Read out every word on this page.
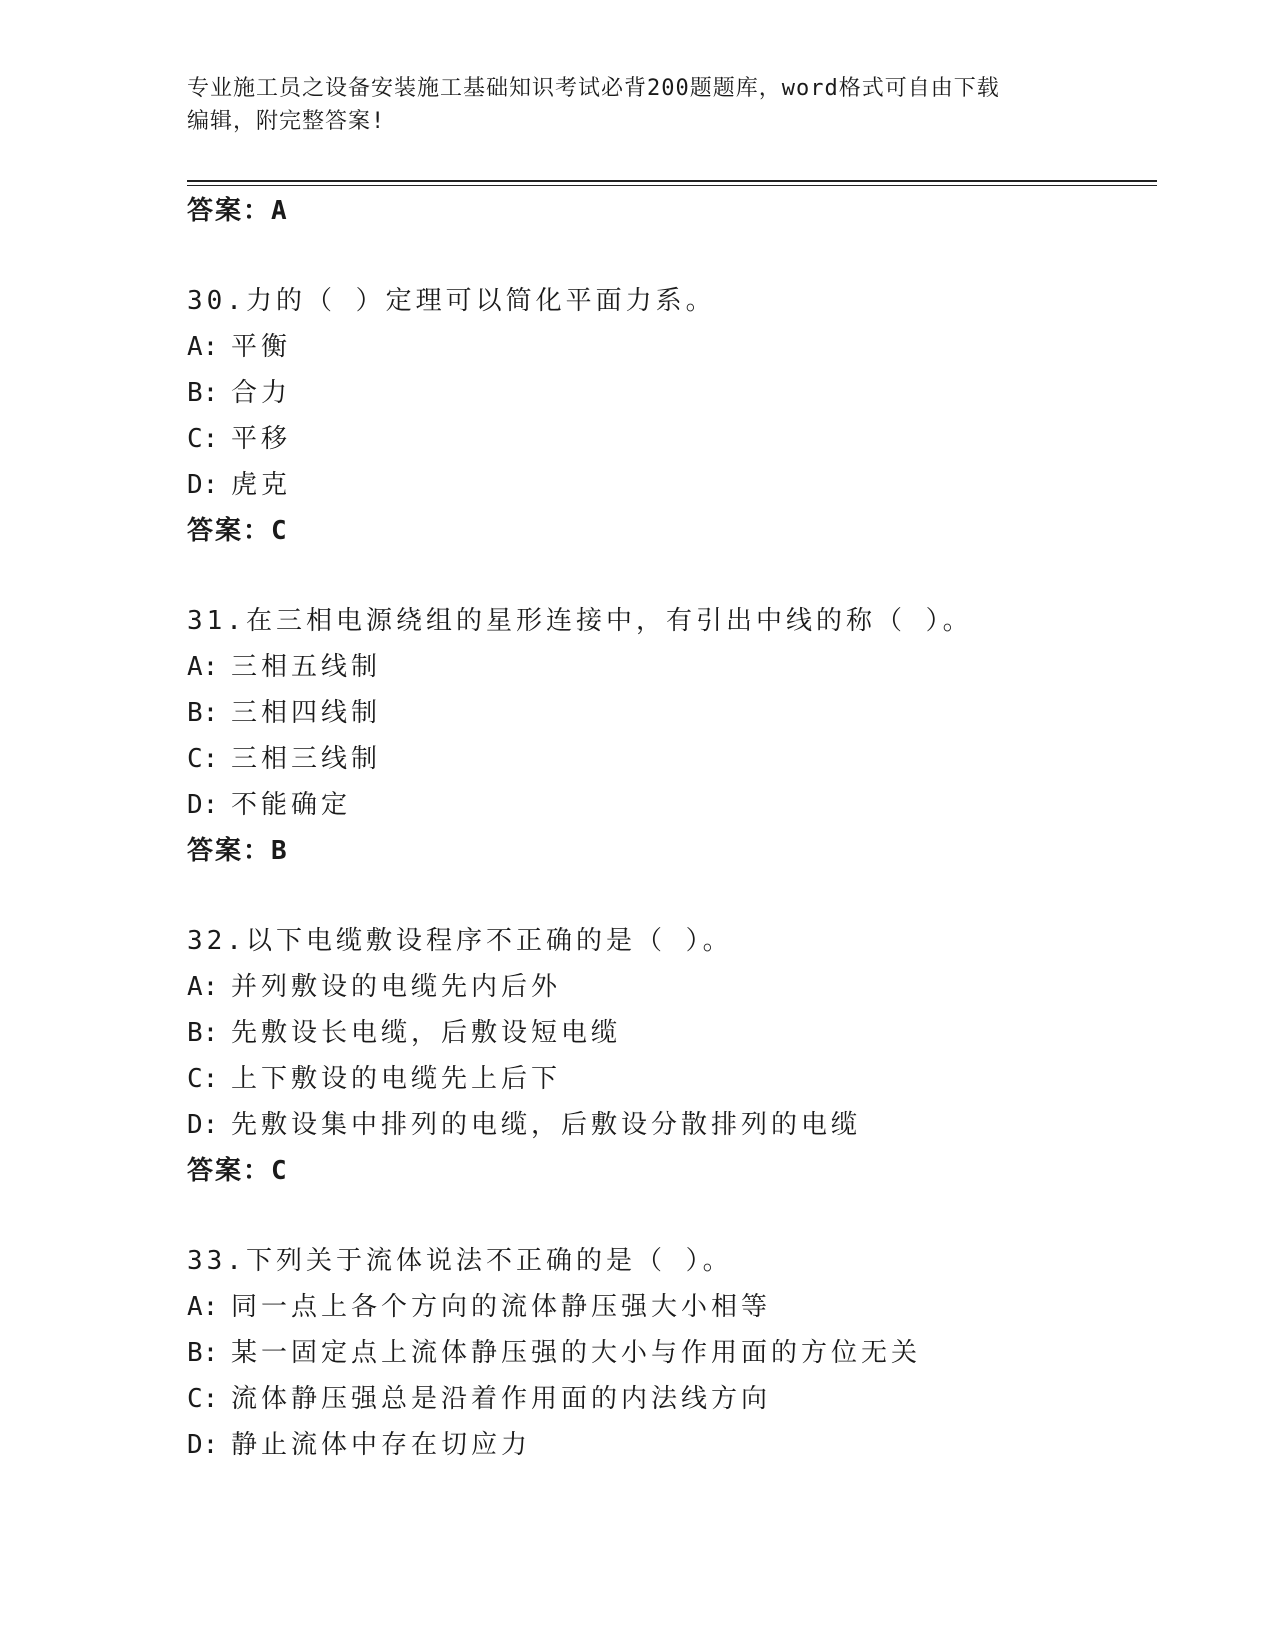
专业施工员之设备安装施工基础知识考试必背200题题库，word格式可自由下载
编辑，附完整答案!
答案：A
30.力的（ ）定理可以简化平面力系。
A: 平衡
B: 合力
C: 平移
D: 虎克
答案：C
31.在三相电源绕组的星形连接中，有引出中线的称（ ）。
A: 三相五线制
B: 三相四线制
C: 三相三线制
D: 不能确定
答案：B
32.以下电缆敷设程序不正确的是（ ）。
A: 并列敷设的电缆先内后外
B: 先敷设长电缆，后敷设短电缆
C: 上下敷设的电缆先上后下
D: 先敷设集中排列的电缆，后敷设分散排列的电缆
答案：C
33.下列关于流体说法不正确的是（ ）。
A: 同一点上各个方向的流体静压强大小相等
B: 某一固定点上流体静压强的大小与作用面的方位无关
C: 流体静压强总是沿着作用面的内法线方向
D: 静止流体中存在切应力
